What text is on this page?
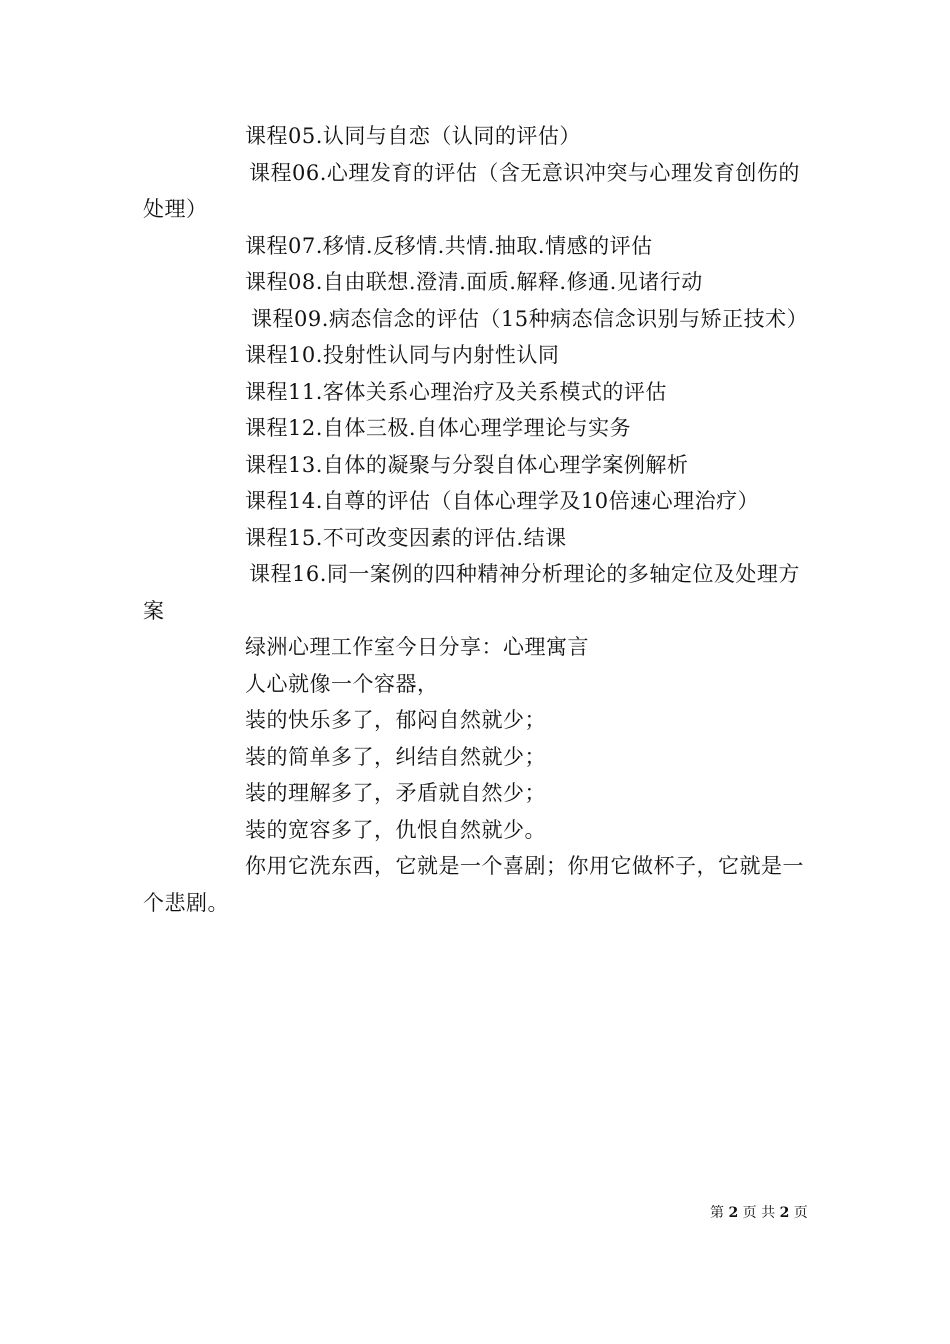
课程05.认同与自恋（认同的评估）

课程06.心理发育的评估（含无意识冲突与心理发育创伤的处理）

课程07.移情.反移情.共情.抽取.情感的评估

课程08.自由联想.澄清.面质.解释.修通.见诸行动

课程09.病态信念的评估（15种病态信念识别与矫正技术）

课程10.投射性认同与内射性认同

课程11.客体关系心理治疗及关系模式的评估

课程12.自体三极.自体心理学理论与实务

课程13.自体的凝聚与分裂自体心理学案例解析

课程14.自尊的评估（自体心理学及10倍速心理治疗）

课程15.不可改变因素的评估.结课

课程16.同一案例的四种精神分析理论的多轴定位及处理方案

绿洲心理工作室今日分享：心理寓言

人心就像一个容器，

装的快乐多了，郁闷自然就少；

装的简单多了，纠结自然就少；

装的理解多了，矛盾就自然少；

装的宽容多了，仇恨自然就少。

你用它洗东西，它就是一个喜剧；你用它做杯子，它就是一个悲剧。

第 2 页 共 2 页
